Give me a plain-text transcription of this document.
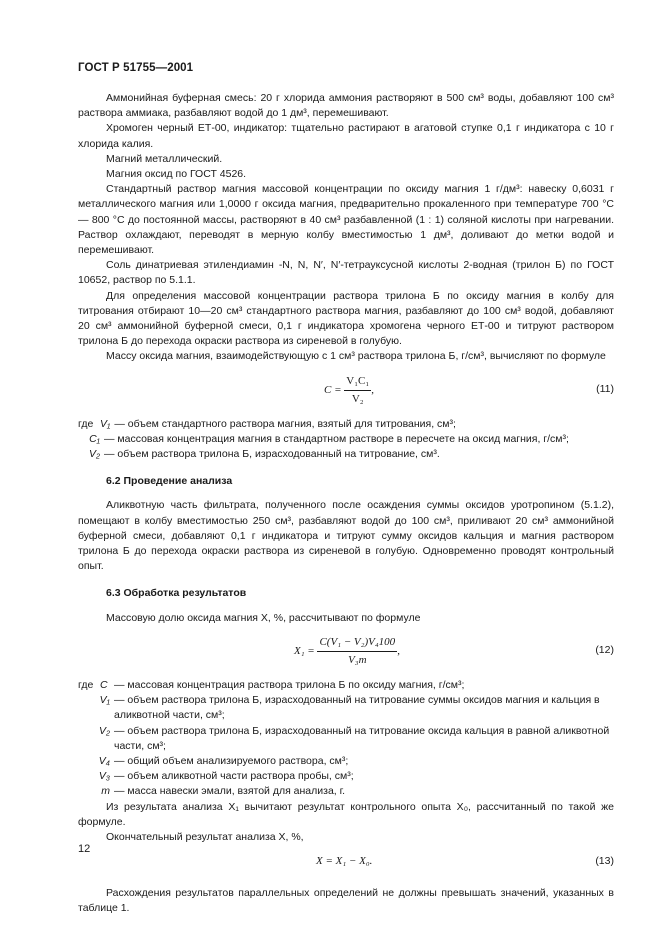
ГОСТ Р 51755—2001

Аммонийная буферная смесь: 20 г хлорида аммония растворяют в 500 см³ воды, добавляют 100 см³ раствора аммиака, разбавляют водой до 1 дм³, перемешивают.

Хромоген черный ЕТ-00, индикатор: тщательно растирают в агатовой ступке 0,1 г индикатора с 10 г хлорида калия.

Магний металлический.

Магния оксид по ГОСТ 4526.

Стандартный раствор магния массовой концентрации по оксиду магния 1 г/дм³: навеску 0,6031 г металлического магния или 1,0000 г оксида магния, предварительно прокаленного при температуре 700 °С — 800 °С до постоянной массы, растворяют в 40 см³ разбавленной (1 : 1) соляной кислоты при нагревании. Раствор охлаждают, переводят в мерную колбу вместимостью 1 дм³, доливают до метки водой и перемешивают.

Соль динатриевая этилендиамин -N, N, N′, N′-тетрауксусной кислоты 2-водная (трилон Б) по ГОСТ 10652, раствор по 5.1.1.

Для определения массовой концентрации раствора трилона Б по оксиду магния в колбу для титрования отбирают 10—20 см³ стандартного раствора магния, разбавляют до 100 см³ водой, добавляют 20 см³ аммонийной буферной смеси, 0,1 г индикатора хромогена черного ЕТ-00 и титруют раствором трилона Б до перехода окраски раствора из сиреневой в голубую.

Массу оксида магния, взаимодействующую с 1 см³ раствора трилона Б, г/см³, вычисляют по формуле

$C = \frac{\text{V₁C₁}}{\text{V₂}}$ ,	(11)
где V₁ — объем стандартного раствора магния, взятый для титрования, см³;
C₁ — массовая концентрация магния в стандартном растворе в пересчете на оксид магния, г/см³;
V₂ — объем раствора трилона Б, израсходованный на титрование, см³.

6.2 Проведение анализа

Аликвотную часть фильтрата, полученного после осаждения суммы оксидов уротропином (5.1.2), помещают в колбу вместимостью 250 см³, разбавляют водой до 100 см³, приливают 20 см³ аммонийной буферной смеси, добавляют 0,1 г индикатора и титруют сумму оксидов кальция и магния раствором трилона Б до перехода окраски раствора из сиреневой в голубую. Одновременно проводят контрольный опыт.

6.3 Обработка результатов

Массовую долю оксида магния X, %, рассчитывают по формуле

$X_1 = \frac{\text{C(V₁ − V₂)V₄100}}{\text{V₃m}}$ ,	(12)
где C — массовая концентрация раствора трилона Б по оксиду магния, г/см³;
V₁ — объем раствора трилона Б, израсходованный на титрование суммы оксидов магния и кальция в аликвотной части, см³;
V₂ — объем раствора трилона Б, израсходованный на титрование оксида кальция в равной аликвотной части, см³;
V₄ — общий объем анализируемого раствора, см³;
V₃ — объем аликвотной части раствора пробы, см³;
m — масса навески эмали, взятой для анализа, г.

Из результата анализа X₁ вычитают результат контрольного опыта X₀, рассчитанный по такой же формуле.

Окончательный результат анализа X, %,

X = X₁ − X₀.	(13)

Расхождения результатов параллельных определений не должны превышать значений, указанных в таблице 1.

12
